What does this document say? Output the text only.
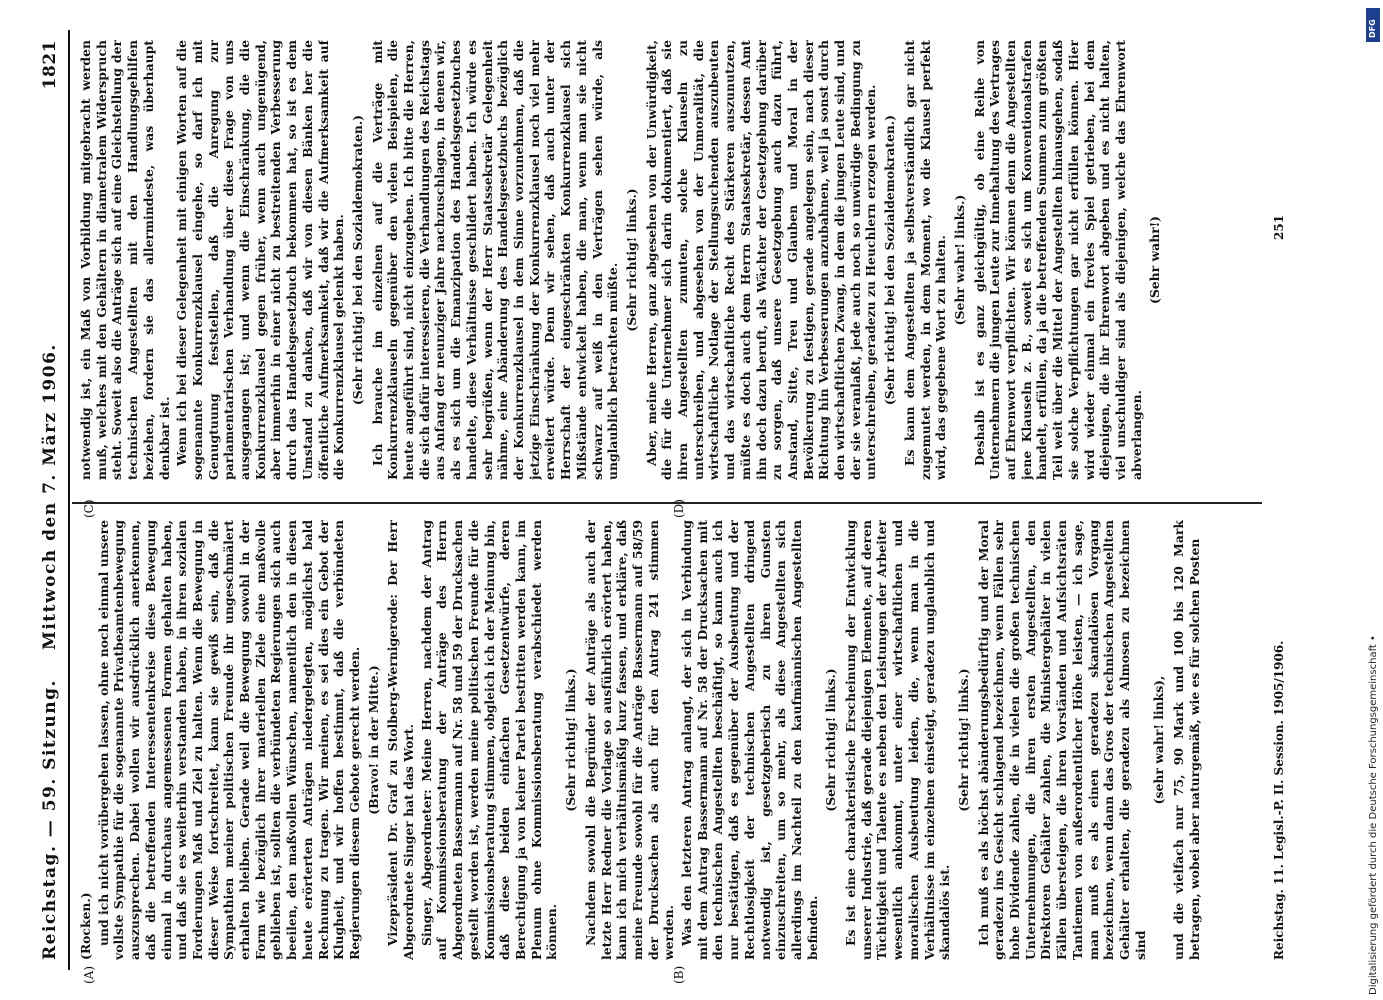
Reichstag. — 59. Sitzung.
Mittwoch den 7. März 1906.
1821

(Rocken.) und ich nicht vorübergehen lassen, ohne noch einmal unsere vollste Sympathie für die sogenannte Privatbeamtenbewegung auszusprechen. Dabei wollen wir ausdrücklich anerkennen, daß die betreffenden Interessentenkreise diese Bewegung einmal in durchaus angemessenen Formen gehalten haben, und daß sie es weiterhin verstanden haben, in ihren sozialen Forderungen Maß und Ziel zu halten. Wenn die Bewegung in dieser Weise fortschreitet, kann sie gewiß sein, daß die Sympathien meiner politischen Freunde ihr ungeschmälert erhalten bleiben. Gerade weil die Bewegung sowohl in der Form wie bezüglich ihrer materiellen Ziele eine maßvolle geblieben ist, sollten die verbündeten Regierungen sich auch beeilen, den maßvollen Wünschen, namentlich den in diesen heute erörterten Anträgen niedergelegten, möglichst bald Rechnung zu tragen. Wir meinen, es sei dies ein Gebot der Klugheit, und wir hoffen bestimmt, daß die verbündeten Regierungen diesem Gebote gerecht werden. (Bravo! in der Mitte.) Vizepräsident Dr. Graf zu Stolberg-Wernigerode: Der Herr Abgeordnete Singer hat das Wort. Singer, Abgeordneter: Meine Herren, nachdem der Antrag auf Kommissionsberatung der Anträge des Herrn Abgeordneten Bassermann auf Nr. 58 und 59 der Drucksachen gestellt worden ist, werden meine politischen Freunde für die Kommissionsberatung stimmen, obgleich ich der Meinung bin, daß diese beiden einfachen Gesetzentwürfe, deren Berechtigung ja von keiner Partei bestritten werden kann, im Plenum ohne Kommissionsberatung verabschiedet werden können.

(Sehr richtig! links.) Nachdem sowohl die Begründer der Anträge als auch der letzte Herr Redner die Vorlage so ausführlich erörtert haben, kann ich mich verhältnismäßig kurz fassen, und erkläre, daß meine Freunde sowohl für die Anträge Bassermann auf 58/59 der Drucksachen als auch für den Antrag 241 stimmen werden. Was den letzteren Antrag anlangt, der sich in Verbindung mit dem Antrag Bassermann auf Nr. 58 der Drucksachen mit den technischen Angestellten beschäftigt, so kann auch ich nur bestätigen, daß es gegenüber der Ausbeutung und der Rechtlosigkeit der technischen Angestellten dringend notwendig ist, gesetzgeberisch zu ihren Gunsten einzuschreiten, um so mehr, als diese Angestellten sich allerdings im Nachteil zu den kaufmännischen Angestellten befinden.

(Sehr richtig! links.) Es ist eine charakteristische Erscheinung der Entwicklung unserer Industrie, daß gerade diejenigen Elemente, auf deren Tüchtigkeit und Talente es neben den Leistungen der Arbeiter wesentlich ankommt, unter einer wirtschaftlichen und moralischen Ausbeutung leiden, die, wenn man in die Verhältnisse im einzelnen einsteigt, geradezu unglaublich und skandalös ist.

(Sehr richtig! links.) Ich muß es als höchst abänderungsbedürftig und der Moral geradezu ins Gesicht schlagend bezeichnen, wenn Fällen sehr hohe Dividende zahlen, die in vielen die großen technischen Unternehmungen, die ihren ersten Angestellten, den Direktoren Gehälter zahlen, die Ministergehälter in vielen Fällen übersteigen, die ihren Vorständen und Aufsichtsräten Tantiemen von außerordentlicher Höhe leisten, — ich sage, man muß es als einen geradezu skandalösen Vorgang bezeichnen, wenn dann das Gros der technischen Angestellten Gehälter erhalten, die geradezu als Almosen zu bezeichnen sind

(sehr wahr! links), und die vielfach nur 75, 90 Mark und 100 bis 120 Mark betragen, wobei aber naturgemäß, wie es für solchen Posten

notwendig ist, ein Maß von Vorbildung mitgebracht werden muß, welches mit den Gehältern in diametralem Widerspruch steht. Soweit also die Anträge sich auf eine Gleichstellung der technischen Angestellten mit den Handlungsgehilfen beziehen, fordern sie das allermindeste, was überhaupt denkbar ist. Wenn ich bei dieser Gelegenheit mit einigen Worten auf die sogenannte Konkurrenzklausel eingehe, so darf ich mit Genugtuung feststellen, daß die Anregung zur parlamentarischen Verhandlung über diese Frage von uns ausgegangen ist; und wenn die Einschränkung, die die Konkurrenzklausel gegen früher, wenn auch ungenügend, aber immerhin in einer nicht zu bestreitenden Verbesserung durch das Handelsgesetzbuch bekommen hat, so ist es dem Umstand zu danken, daß wir von diesen Bänken her die öffentliche Aufmerksamkeit, daß wir die Aufmerksamkeit auf die Konkurrenzklausel gelenkt haben. (Sehr richtig! bei den Sozialdemokraten.) Ich brauche im einzelnen auf die Verträge mit Konkurrenzklauseln gegenüber den vielen Beispielen, die heute angeführt sind, nicht einzugehen. Ich bitte die Herren, die sich dafür interessieren, die Verhandlungen des Reichstags aus Anfang der neunziger Jahre nachzuschlagen, in denen wir, als es sich um die Emanzipation des Handelsgesetzbuches handelte, diese Verhältnisse geschildert haben. Ich würde es sehr begrüßen, wenn der Herr Staatssekretär Gelegenheit nähme, eine Abänderung des Handelsgesetzbuchs bezüglich der Konkurrenzklausel in dem Sinne vorzunehmen, daß die jetzige Einschränkung der Konkurrenzklausel noch viel mehr erweitert würde. Denn wir sehen, daß auch unter der Herrschaft der eingeschränkten Konkurrenzklausel sich Mißstände entwickelt haben, die man, wenn man sie nicht schwarz auf weiß in den Verträgen sehen würde, als unglaublich betrachten müßte.

(Sehr richtig! links.) Aber, meine Herren, ganz abgesehen von der Unwürdigkeit, die für die Unternehmer sich darin dokumentiert, daß sie ihren Angestellten zumuten, solche Klauseln zu unterschreiben, und abgesehen von der Unmoralität, die wirtschaftliche Notlage der Stellungsuchenden auszubeuten und das wirtschaftliche Recht des Stärkeren auszunutzen, müßte es doch auch dem Herrn Staatssekretär, dessen Amt ihn doch dazu beruft, als Wächter der Gesetzgebung darüber zu sorgen, daß unsere Gesetzgebung auch dazu führt, Anstand, Sitte, Treu und Glauben und Moral in der Bevölkerung zu festigen, gerade angelegen sein, nach dieser Richtung hin Verbesserungen anzubahnen, weil ja sonst durch den wirtschaftlichen Zwang, in dem die jungen Leute sind, und der sie veranlaßt, jede auch noch so unwürdige Bedingung zu unterschreiben, geradezu zu Heuchlern erzogen werden. (Sehr richtig! bei den Sozialdemokraten.) Es kann dem Angestellten ja selbstverständlich gar nicht zugemutet werden, in dem Moment, wo die Klausel perfekt wird, das gegebene Wort zu halten. (Sehr wahr! links.) Deshalb ist es ganz gleichgültig, ob eine Reihe von Unternehmern die jungen Leute zur Innehaltung des Vertrages auf Ehrenwort verpflichten. Wir können denn die Angestellten jene Klauseln z. B., soweit es sich um Konventionalstrafen handelt, erfüllen, da ja die betreffenden Summen zum größten Teil weit über die Mittel der Angestellten hinausgehen, sodaß sie solche Verpflichtungen gar nicht erfüllen können. Hier wird wieder einmal ein frevles Spiel getrieben, bei dem diejenigen, die ihr Ehrenwort abgeben und es nicht halten, viel unschuldiger sind als diejenigen, welche das Ehrenwort abverlangen.

(Sehr wahr!)

(A)
(C)
(B)
(D)
Reichstag. 11. Legisl.-P. II. Session. 1905/1906.
251
DFG
Digitalisierung gefördert durch die Deutsche Forschungsgemeinschaft •
